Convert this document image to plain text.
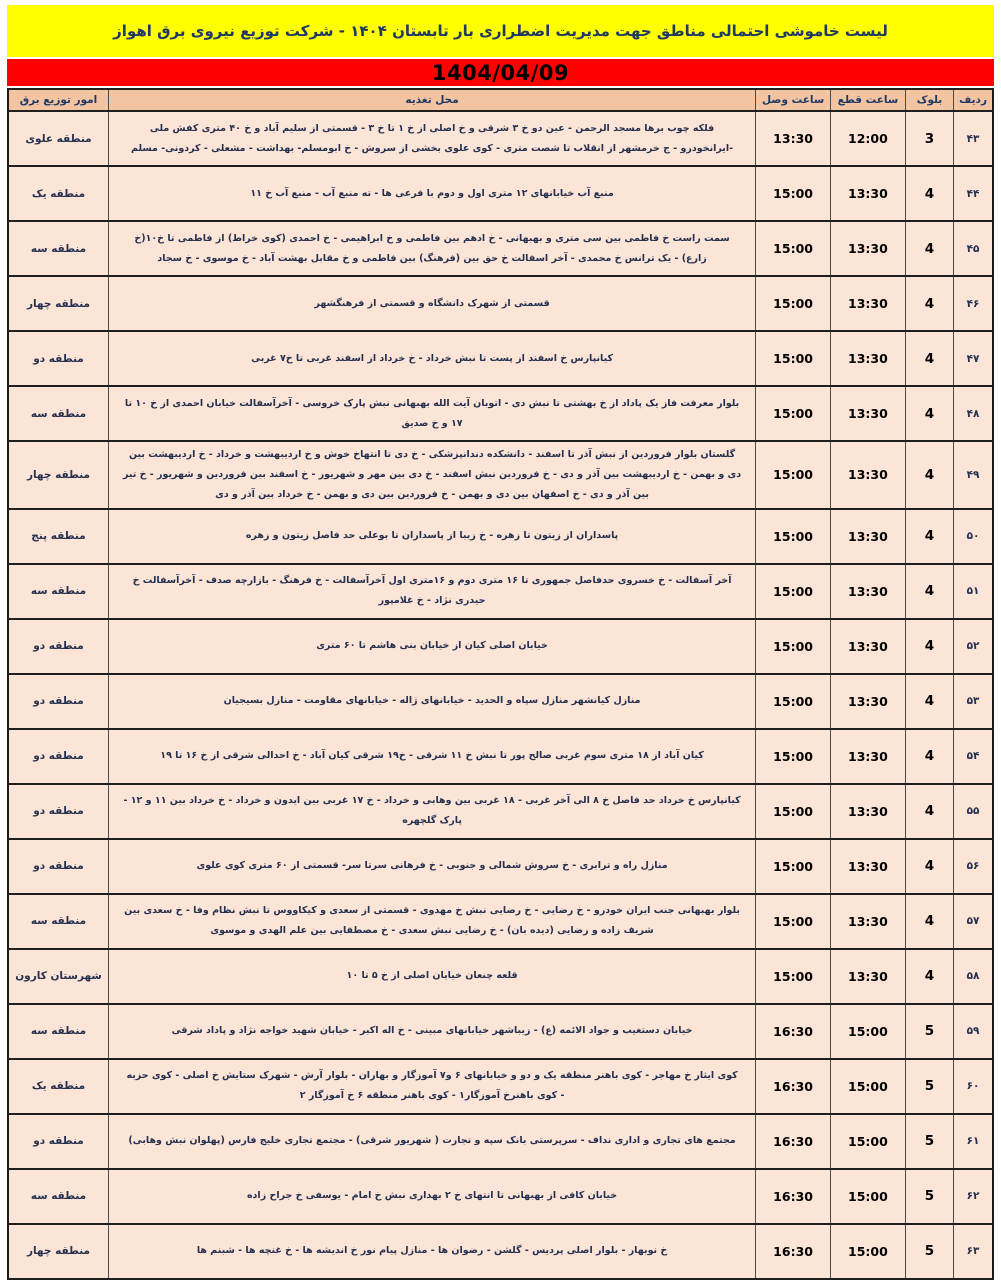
لیست خاموشی احتمالی مناطق جهت مدیریت اضطراری بار تابستان ۱۴۰۴ - شرکت توزیع نیروی برق اهواز
1404/04/09
ردیف	بلوک	ساعت قطع	ساعت وصل	محل تغذیه	امور توزیع برق
۴۳	3	12:00	13:30	فلکه چوب برها مسجد الرحمن - عین دو خ ۳ شرقی و خ اصلی از خ ۱ تا خ ۳ - قسمتی از سلیم آباد و خ ۴۰ متری کفش ملی -ایرانخودرو - ج خرمشهر از انقلاب تا شصت متری - کوی علوی بخشی از سروش - خ ابومسلم- بهداشت - مشعلی - کردونی- مسلم	منطقه علوی
۴۴	4	13:30	15:00	منبع آب خیابانهای ۱۲ متری اول و دوم با فرعی ها - ته منبع آب - منبع آب خ ۱۱	منطقه یک
۴۵	4	13:30	15:00	سمت راست خ فاطمی بین سی متری و بهبهانی - خ ادهم بین فاطمی و خ ابراهیمی - خ احمدی (کوی خراط) از فاطمی تا خ۱۰(خ زارع) - یک ترانس خ محمدی - آخر اسفالت خ حق بین (فرهنگ) بین فاطمی و خ مقابل بهشت آباد - خ موسوی - خ سجاد	منطقه سه
۴۶	4	13:30	15:00	قسمتی از شهرک دانشگاه و قسمتی از فرهنگشهر	منطقه چهار
۴۷	4	13:30	15:00	کیانپارس خ اسفند از پست تا نبش خرداد - خ خرداد از اسفند غربی تا خ۷ غربی	منطقه دو
۴۸	4	13:30	15:00	بلوار معرفت فاز یک پاداد از خ بهشتی تا نبش دی - اتوبان آیت الله بهبهانی نبش پارک خروسی - آخرآسفالت خیابان احمدی از خ ۱۰ تا ۱۷ و خ صدیق	منطقه سه
۴۹	4	13:30	15:00	گلستان بلوار فروردین از نبش آذر تا اسفند - دانشکده دندانپزشکی - خ دی تا انتهاخ خوش و خ اردیبهشت و خرداد - خ اردیبهشت بین دی و بهمن - خ اردیبهشت بین آذر و دی - خ فروردین نبش اسفند - خ دی بین مهر و شهریور - خ اسفند بین فروردین و شهریور - خ تیر بین آذر و دی - خ اصفهان بین دی و بهمن - خ فروردین بین دی و بهمن - خ خرداد بین آذر و دی	منطقه چهار
۵۰	4	13:30	15:00	پاسداران از زیتون تا زهره - خ زیبا از پاسداران تا بوعلی حد فاصل زیتون و زهره	منطقه پنج
۵۱	4	13:30	15:00	آخر آسفالت - خ خسروی حدفاصل جمهوری تا ۱۶ متری دوم و ۱۶متری اول آخرآسفالت - خ فرهنگ - بازارچه صدف - آخرآسفالت خ حیدری نژاد - خ غلامپور	منطقه سه
۵۲	4	13:30	15:00	خیابان اصلی کیان از خیابان بنی هاشم تا ۶۰ متری	منطقه دو
۵۳	4	13:30	15:00	منازل کیانشهر منازل سپاه و الحدید - خیابانهای ژاله - خیابانهای مقاومت - منازل بسیجیان	منطقه دو
۵۴	4	13:30	15:00	کیان آباد از ۱۸ متری سوم غربی صالح پور تا نبش خ ۱۱ شرقی - خ۱۹ شرقی کیان آباد - خ احدالی شرقی از خ ۱۶ تا ۱۹	منطقه دو
۵۵	4	13:30	15:00	کیانپارس خ خرداد حد فاصل خ ۸ الی آخر غربی - ۱۸ غربی بین وهابی و خرداد - خ ۱۷ غربی بین ایدون و خرداد - خ خرداد بین ۱۱ و ۱۲ - پارک گلچهره	منطقه دو
۵۶	4	13:30	15:00	منازل راه و ترابری - خ سروش شمالی و جنوبی - خ فرهانی سرتا سر- قسمتی از ۶۰ متری کوی علوی	منطقه دو
۵۷	4	13:30	15:00	بلوار بهبهانی جنب ایران خودرو - خ رضایی - خ رضایی نبش خ مهدوی - قسمتی از سعدی و کیکاووس تا نبش نظام وفا - خ سعدی بین شریف زاده و رضایی (دیده بان) - خ رضایی نبش سعدی - خ مصطفایی بین علم الهدی و موسوی	منطقه سه
۵۸	4	13:30	15:00	قلعه چنعان خیابان اصلی از خ ۵ تا ۱۰	شهرستان کارون
۵۹	5	15:00	16:30	خیابان دستغیب و جواد الائمه (ع) - زیباشهر خیابانهای مبینی - خ اله اکبر - خیابان شهید خواجه نژاد و پاداد شرقی	منطقه سه
۶۰	5	15:00	16:30	کوی ایثار خ مهاجر - کوی باهنر منطقه یک و دو و خیابانهای ۶ و۷ آموزگار و بهاران - بلوار آرش - شهرک ستایش خ اصلی - کوی حزبه - کوی باهنرخ آموزگار۱ - کوی باهنر منطقه ۶ خ آموزگار ۲	منطقه یک
۶۱	5	15:00	16:30	مجتمع های تجاری و اداری نداف - سرپرستی بانک سپه و تجارت ( شهریور شرقی) - مجتمع تجاری خلیج فارس (پهلوان نبش وهابی)	منطقه دو
۶۲	5	15:00	16:30	خیابان کافی از بهبهانی تا انتهای خ ۲ بهداری نبش خ امام - یوسفی خ جراح زاده	منطقه سه
۶۳	5	15:00	16:30	خ نوبهار - بلوار اصلی پردیس - گلشن - رضوان ها - منازل پیام نور خ اندیشه ها - خ غنچه ها - شبنم ها	منطقه چهار
